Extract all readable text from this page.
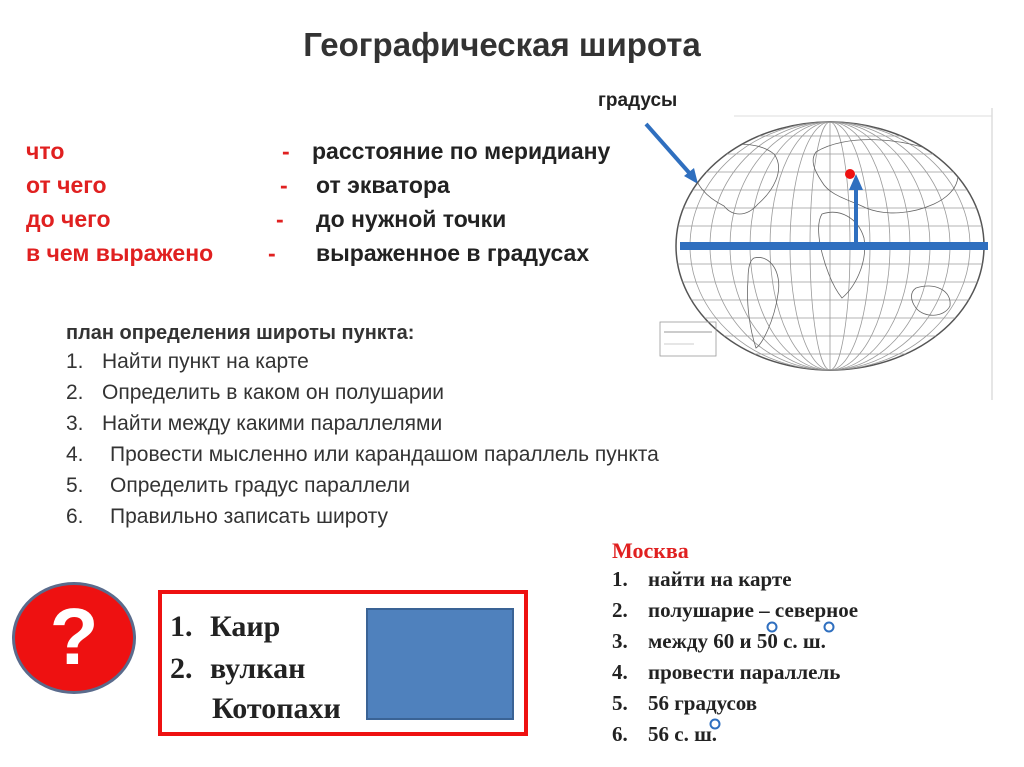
Географическая широта
градусы
что	- расстояние по меридиану
от чего	- от экватора
до чего	- до нужной точки
в чем выражено - выраженное в градусах
план определения широты пункта:
1. Найти пункт на карте
2. Определить в каком он полушарии
3. Найти между какими параллелями
4. Провести мысленно или карандашом параллель пункта
5. Определить градус параллели
6. Правильно записать широту
Москва
1. найти на карте
2. полушарие – северное
3. между 60 и 50 с. ш.
4. провести параллель
5. 56 градусов
6. 56 с. ш.
?	1. Каир
2. вулкан
Котопахи
